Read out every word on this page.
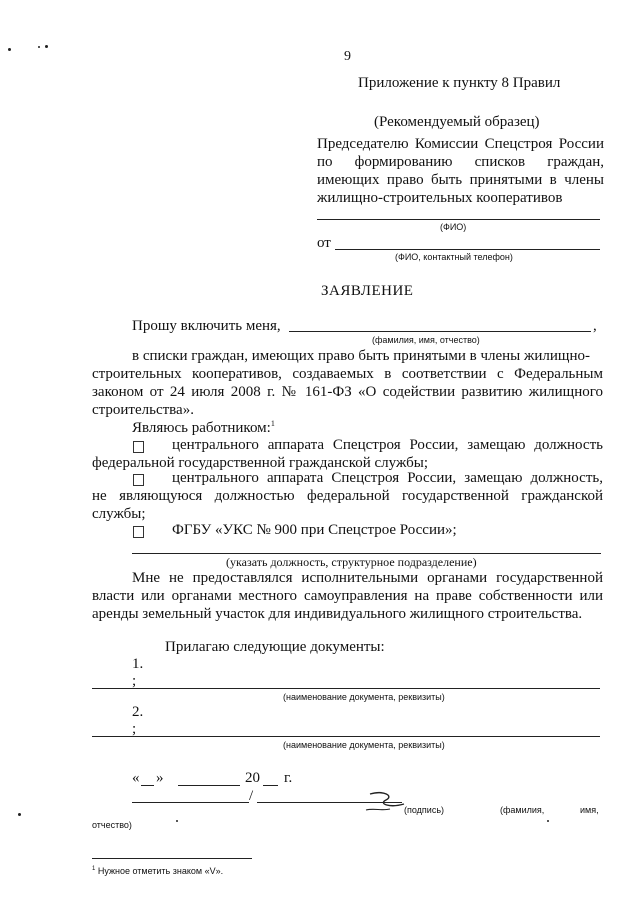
9
Приложение к пункту 8 Правил
(Рекомендуемый образец)
Председателю Комиссии Спецстроя России
по формированию списков граждан,
имеющих право быть принятыми в члены
жилищно-строительных кооперативов
(ФИО)
от
(ФИО, контактный телефон)
ЗАЯВЛЕНИЕ
Прошу включить меня,	,
(фамилия, имя, отчество)
в списки граждан, имеющих право быть принятыми в члены жилищно-
строительных кооперативов, создаваемых в соответствии с Федеральным
законом от 24 июля 2008 г. № 161-ФЗ «О содействии развитию жилищного
строительства».
Являюсь работником:$^1$
центрального аппарата Спецстроя России, замещаю должность
федеральной государственной гражданской службы;
центрального аппарата Спецстроя России, замещаю должность,
не являющуюся должностью федеральной государственной гражданской
службы;
ФГБУ «УКС № 900 при Спецстрое России»;
(указать должность, структурное подразделение)
Мне не предоставлялся исполнительными органами государственной
власти или органами местного самоуправления на праве собственности или
аренды земельный участок для индивидуального жилищного строительства.
Прилагаю следующие документы:
1.
;
(наименование документа, реквизиты)
2.
;
(наименование документа, реквизиты)
« »	20 г.
/
(подпись)	(фамилия,	имя,
отчество)
$^1$ Нужное отметить знаком «V».
